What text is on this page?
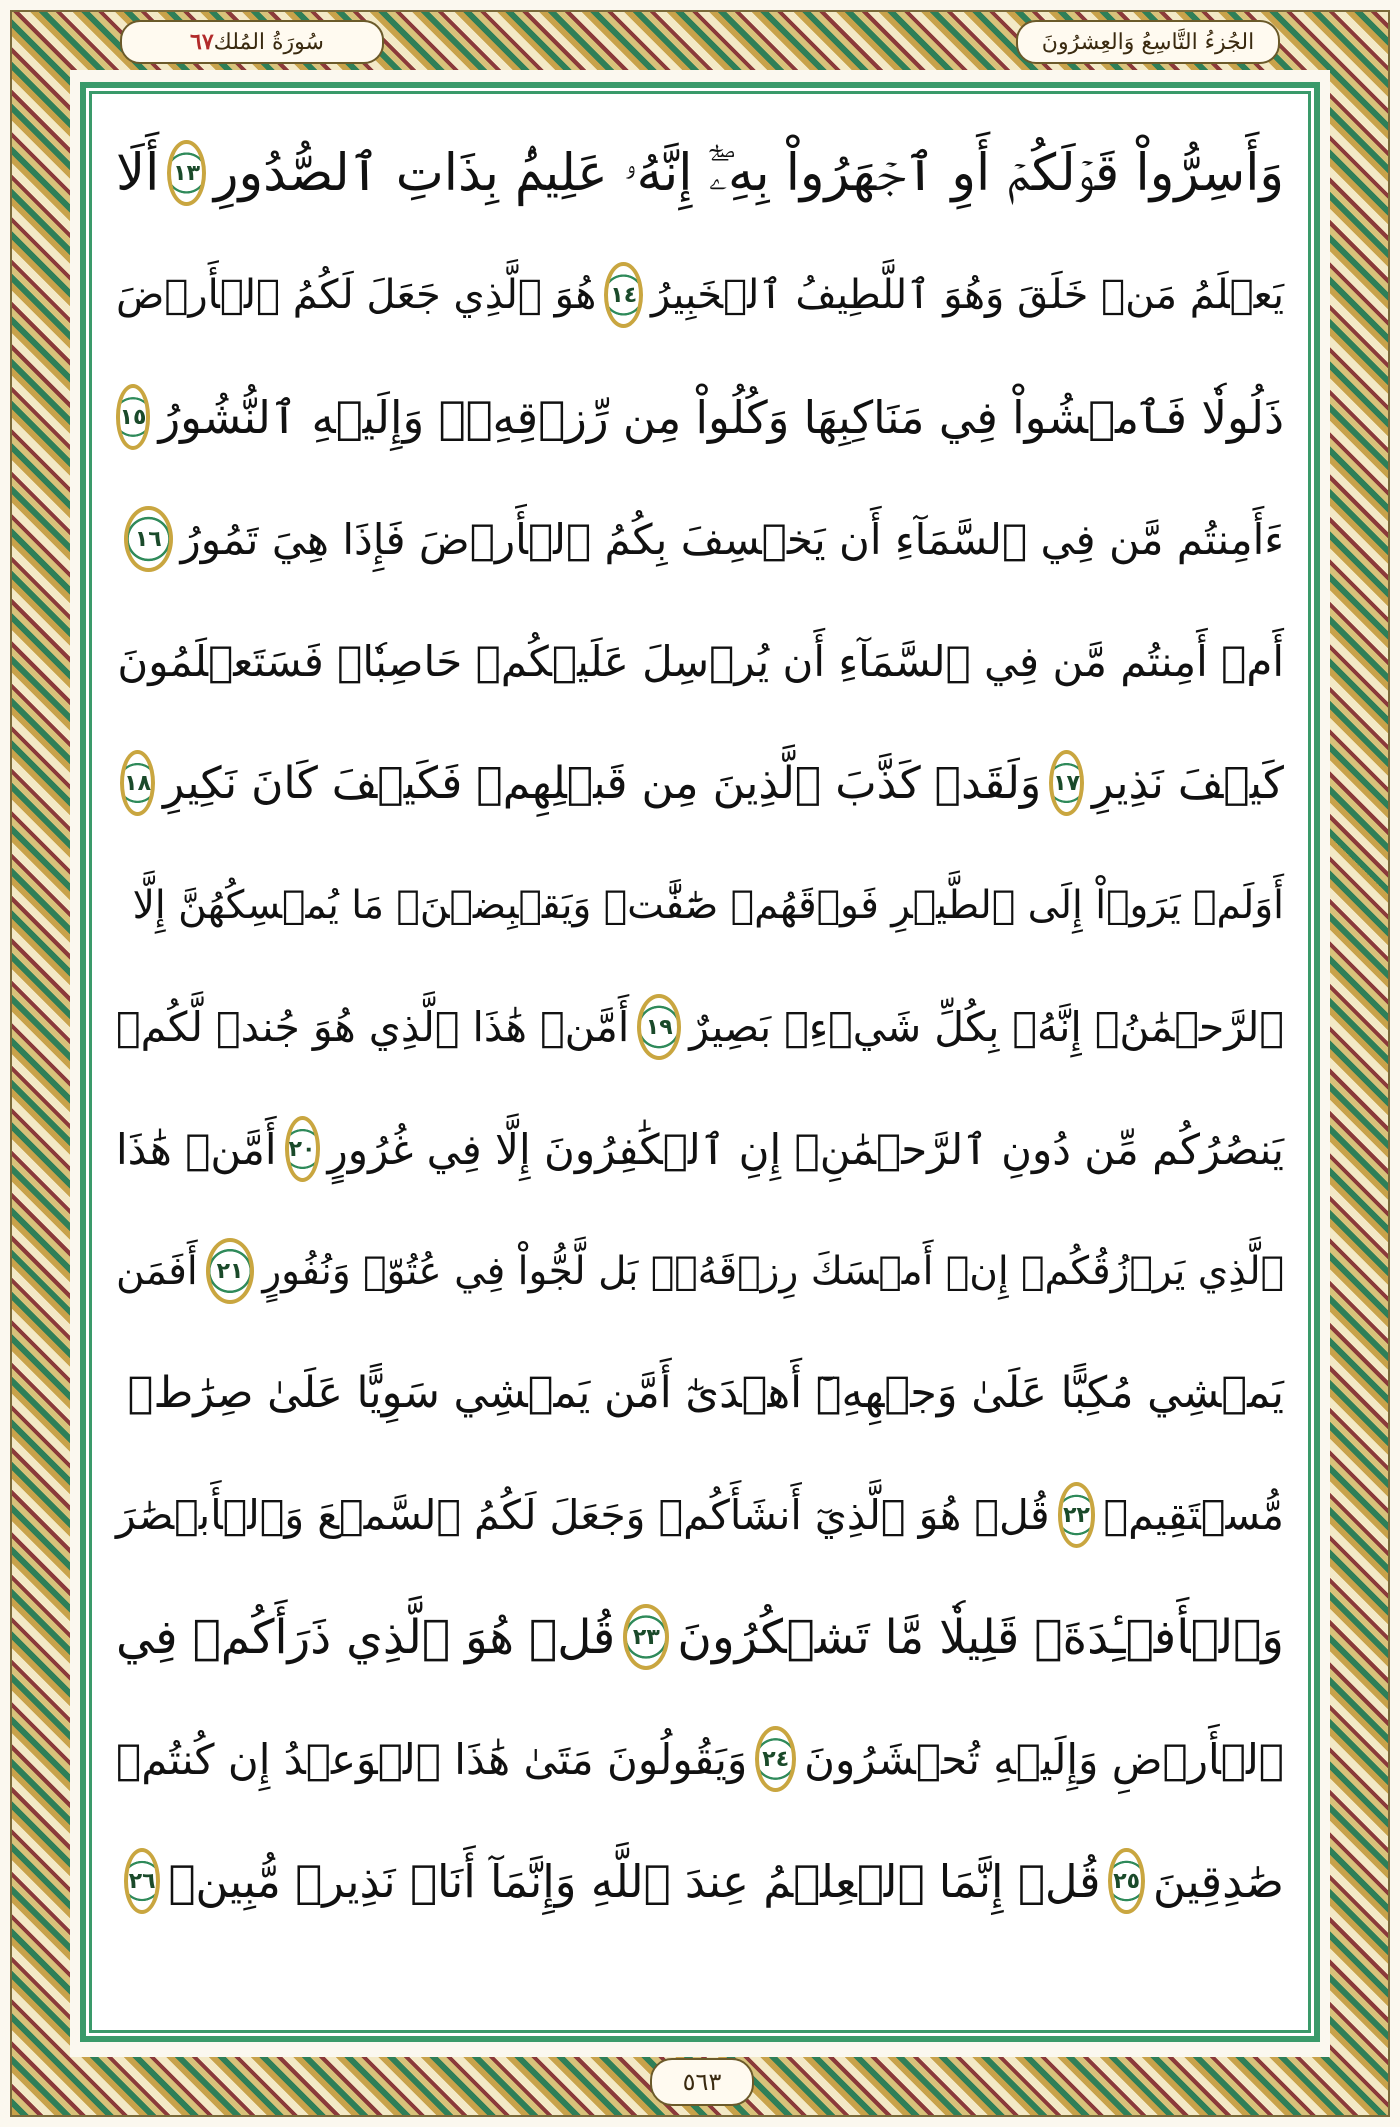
٦٧ سُورَةُ المُلك	الجُزءُ التَّاسِعُ وَالعِشرُونَ
وَأَسِرُّواْ قَوۡلَكُمۡ أَوِ ٱجۡهَرُواْ بِهِۦٓۖ إِنَّهُۥ عَلِيمُۢ بِذَاتِ ٱلصُّدُورِ
١٣
أَلَا
يَعۡلَمُ مَنۡ خَلَقَ وَهُوَ ٱللَّطِيفُ ٱلۡخَبِيرُ
١٤
هُوَ ٱلَّذِي جَعَلَ لَكُمُ ٱلۡأَرۡضَ
ذَلُولٗا فَٱمۡشُواْ فِي مَنَاكِبِهَا وَكُلُواْ مِن رِّزۡقِهِۦۖ وَإِلَيۡهِ ٱلنُّشُورُ
١٥
ءَأَمِنتُم مَّن فِي ٱلسَّمَآءِ أَن يَخۡسِفَ بِكُمُ ٱلۡأَرۡضَ فَإِذَا هِيَ تَمُورُ
١٦
أَمۡ أَمِنتُم مَّن فِي ٱلسَّمَآءِ أَن يُرۡسِلَ عَلَيۡكُمۡ حَاصِبٗاۖ فَسَتَعۡلَمُونَ
كَيۡفَ نَذِيرِ
١٧
وَلَقَدۡ كَذَّبَ ٱلَّذِينَ مِن قَبۡلِهِمۡ فَكَيۡفَ كَانَ نَكِيرِ
١٨
أَوَلَمۡ يَرَوۡاْ إِلَى ٱلطَّيۡرِ فَوۡقَهُمۡ صَٰٓفَّٰتٖ وَيَقۡبِضۡنَۚ مَا يُمۡسِكُهُنَّ إِلَّا
ٱلرَّحۡمَٰنُۚ إِنَّهُۥ بِكُلِّ شَيۡءِۢ بَصِيرٌ
١٩
أَمَّنۡ هَٰذَا ٱلَّذِي هُوَ جُندٞ لَّكُمۡ
يَنصُرُكُم مِّن دُونِ ٱلرَّحۡمَٰنِۚ إِنِ ٱلۡكَٰفِرُونَ إِلَّا فِي غُرُورٍ
٢٠
أَمَّنۡ هَٰذَا
ٱلَّذِي يَرۡزُقُكُمۡ إِنۡ أَمۡسَكَ رِزۡقَهُۥۚ بَل لَّجُّواْ فِي عُتُوّٖ وَنُفُورٍ
٢١
أَفَمَن
يَمۡشِي مُكِبًّا عَلَىٰ وَجۡهِهِۦٓ أَهۡدَىٰٓ أَمَّن يَمۡشِي سَوِيًّا عَلَىٰ صِرَٰطٖ
مُّسۡتَقِيمٖ
٢٢
قُلۡ هُوَ ٱلَّذِيٓ أَنشَأَكُمۡ وَجَعَلَ لَكُمُ ٱلسَّمۡعَ وَٱلۡأَبۡصَٰرَ
وَٱلۡأَفۡـِٔدَةَۚ قَلِيلٗا مَّا تَشۡكُرُونَ
٢٣
قُلۡ هُوَ ٱلَّذِي ذَرَأَكُمۡ فِي
ٱلۡأَرۡضِ وَإِلَيۡهِ تُحۡشَرُونَ
٢٤
وَيَقُولُونَ مَتَىٰ هَٰذَا ٱلۡوَعۡدُ إِن كُنتُمۡ
صَٰدِقِينَ
٢٥
قُلۡ إِنَّمَا ٱلۡعِلۡمُ عِندَ ٱللَّهِ وَإِنَّمَآ أَنَا۠ نَذِيرٞ مُّبِينٞ
٢٦
٥٦٣
